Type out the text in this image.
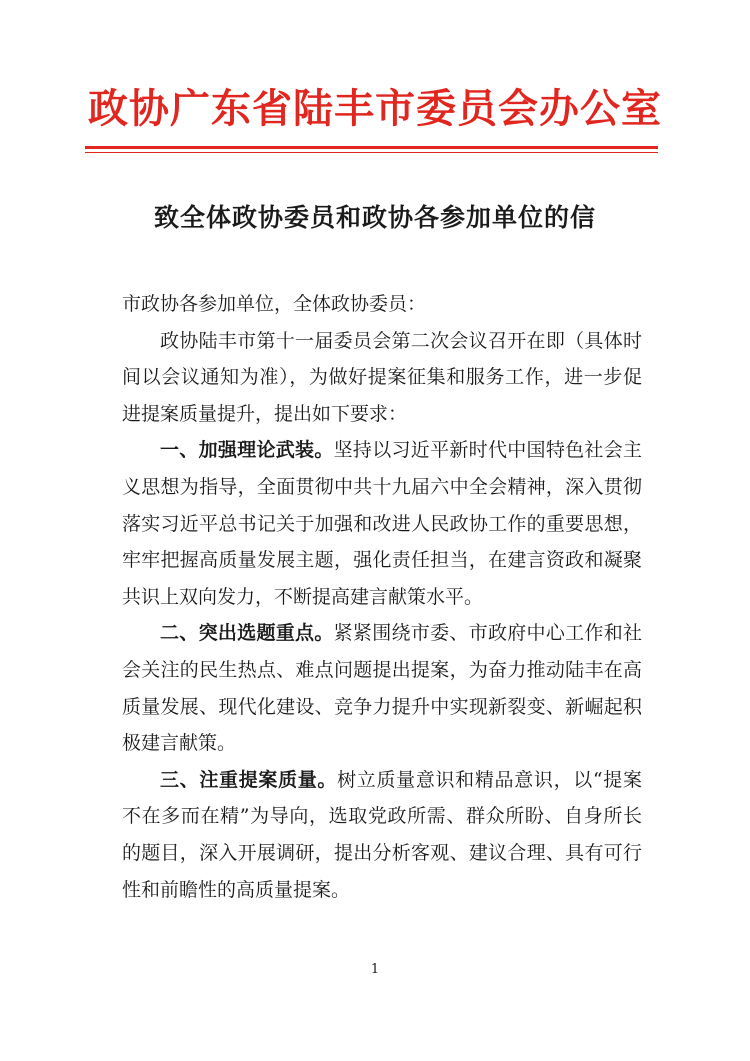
政协广东省陆丰市委员会办公室
致全体政协委员和政协各参加单位的信

市政协各参加单位，全体政协委员：

政协陆丰市第十一届委员会第二次会议召开在即（具体时间以会议通知为准），为做好提案征集和服务工作，进一步促进提案质量提升，提出如下要求：

一、加强理论武装。坚持以习近平新时代中国特色社会主义思想为指导，全面贯彻中共十九届六中全会精神，深入贯彻落实习近平总书记关于加强和改进人民政协工作的重要思想，牢牢把握高质量发展主题，强化责任担当，在建言资政和凝聚共识上双向发力，不断提高建言献策水平。

二、突出选题重点。紧紧围绕市委、市政府中心工作和社会关注的民生热点、难点问题提出提案，为奋力推动陆丰在高质量发展、现代化建设、竞争力提升中实现新裂变、新崛起积极建言献策。

三、注重提案质量。树立质量意识和精品意识，以“提案不在多而在精”为导向，选取党政所需、群众所盼、自身所长的题目，深入开展调研，提出分析客观、建议合理、具有可行性和前瞻性的高质量提案。

1
